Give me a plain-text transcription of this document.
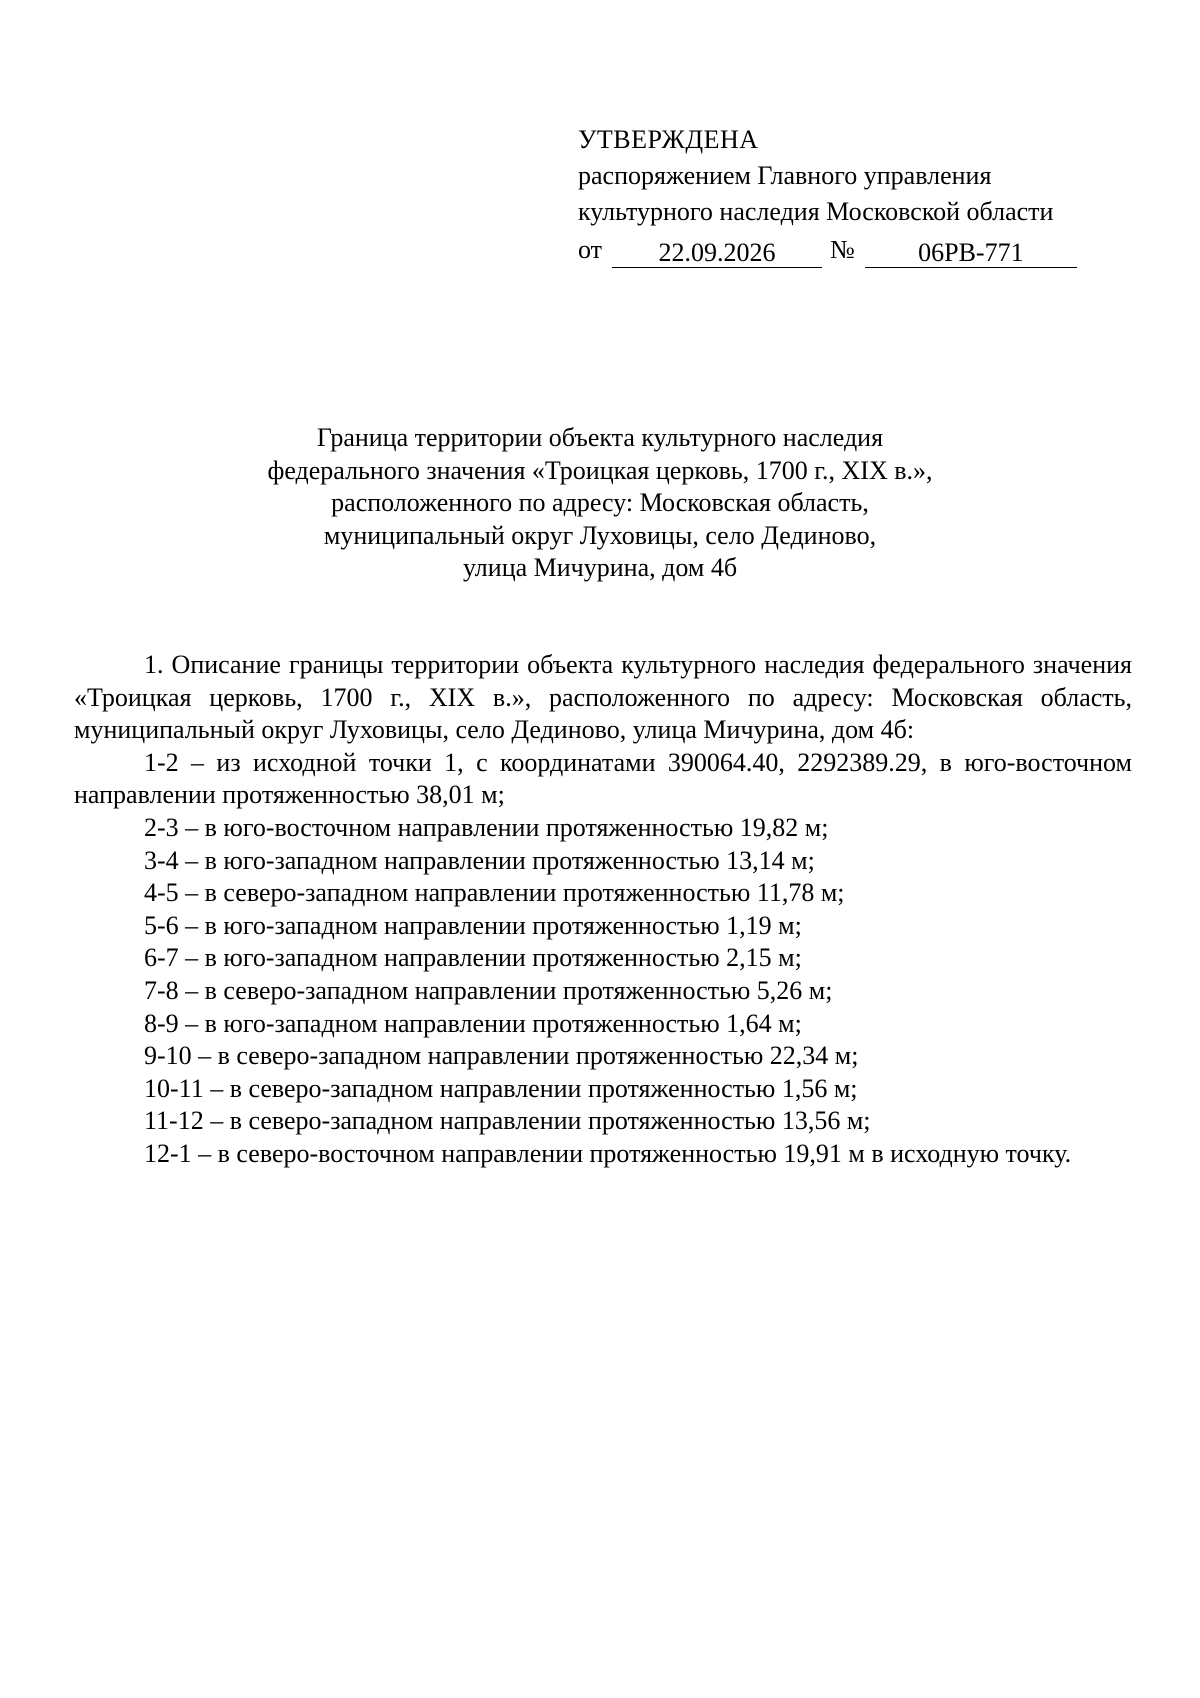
УТВЕРЖДЕНА
распоряжением Главного управления
культурного наследия Московской области
от	22.09.2026	№	06РВ-771
Граница территории объекта культурного наследия
федерального значения «Троицкая церковь, 1700 г., XIX в.»,
расположенного по адресу: Московская область,
муниципальный округ Луховицы, село Дединово,
улица Мичурина, дом 4б

1. Описание границы территории объекта культурного наследия федерального значения «Троицкая церковь, 1700 г., XIX в.», расположенного по адресу: Московская область, муниципальный округ Луховицы, село Дединово, улица Мичурина, дом 4б:

1-2 – из исходной точки 1, с координатами 390064.40, 2292389.29, в юго-восточном направлении протяженностью 38,01 м;

2-3 – в юго-восточном направлении протяженностью 19,82 м;

3-4 – в юго-западном направлении протяженностью 13,14 м;

4-5 – в северо-западном направлении протяженностью 11,78 м;

5-6 – в юго-западном направлении протяженностью 1,19 м;

6-7 – в юго-западном направлении протяженностью 2,15 м;

7-8 – в северо-западном направлении протяженностью 5,26 м;

8-9 – в юго-западном направлении протяженностью 1,64 м;

9-10 – в северо-западном направлении протяженностью 22,34 м;

10-11 – в северо-западном направлении протяженностью 1,56 м;

11-12 – в северо-западном направлении протяженностью 13,56 м;

12-1 – в северо-восточном направлении протяженностью 19,91 м в исходную точку.
